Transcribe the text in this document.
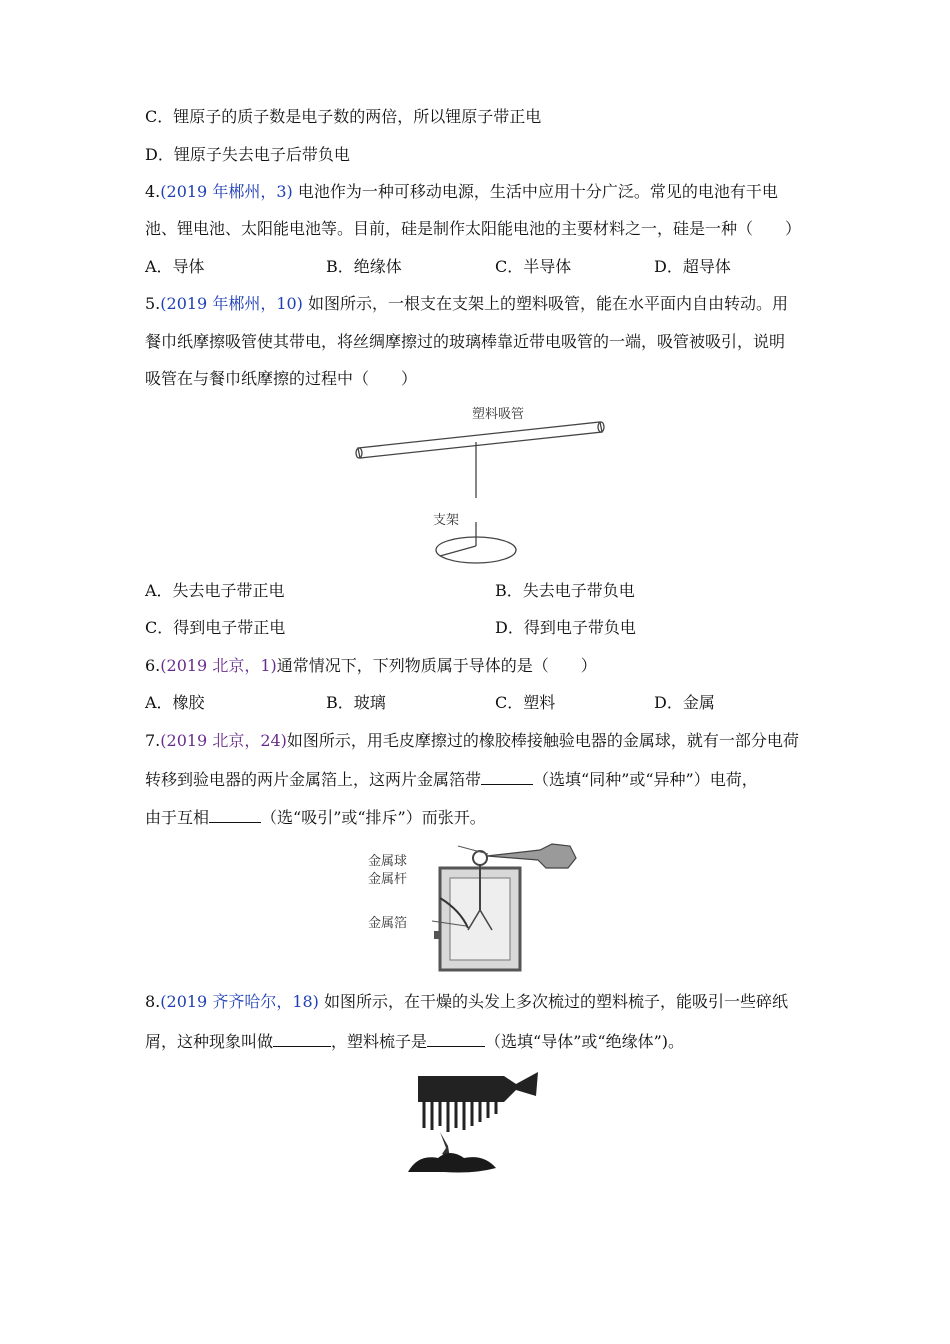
C．锂原子的质子数是电子数的两倍，所以锂原子带正电
D．锂原子失去电子后带负电
4.(2019 年郴州，3) 电池作为一种可移动电源，生活中应用十分广泛。常见的电池有干电
池、锂电池、太阳能电池等。目前，硅是制作太阳能电池的主要材料之一，硅是一种（　　）
A．导体	B．绝缘体	C．半导体	D．超导体
5.(2019 年郴州，10) 如图所示，一根支在支架上的塑料吸管，能在水平面内自由转动。用
餐巾纸摩擦吸管使其带电，将丝绸摩擦过的玻璃棒靠近带电吸管的一端，吸管被吸引，说明
吸管在与餐巾纸摩擦的过程中（　　）
塑料吸管
支架
A．失去电子带正电	B．失去电子带负电
C．得到电子带正电	D．得到电子带负电
6.(2019 北京，1)通常情况下，下列物质属于导体的是（　　）
A．橡胶	B．玻璃	C．塑料	D．金属
7.(2019 北京，24)如图所示，用毛皮摩擦过的橡胶棒接触验电器的金属球，就有一部分电荷
转移到验电器的两片金属箔上，这两片金属箔带	（选填“同种”或“异种”）电荷，
由于互相	（选“吸引”或“排斥”）而张开。
金属球
金属杆
金属箔
8.(2019 齐齐哈尔，18) 如图所示，在干燥的头发上多次梳过的塑料梳子，能吸引一些碎纸
屑，这种现象叫做	，塑料梳子是	（选填“导体”或“绝缘体”)。
